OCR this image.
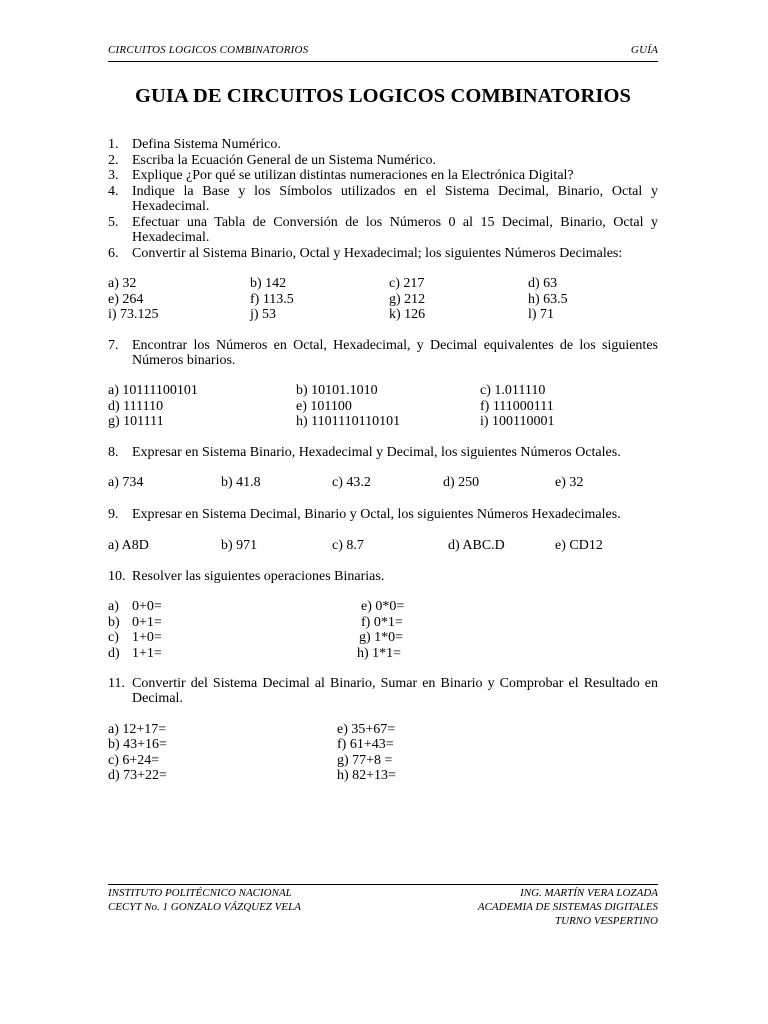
CIRCUITOS LOGICOS COMBINATORIOS	GUÍA
GUIA DE CIRCUITOS LOGICOS COMBINATORIOS
1. Defina Sistema Numérico.
2. Escriba la Ecuación General de un Sistema Numérico.
3. Explique ¿Por qué se utilizan distintas numeraciones en la Electrónica Digital?
4. Indique la Base y los Símbolos utilizados en el Sistema Decimal, Binario, Octal y Hexadecimal.
5. Efectuar una Tabla de Conversión de los Números 0 al 15 Decimal, Binario, Octal y Hexadecimal.
6. Convertir al Sistema Binario, Octal y Hexadecimal; los siguientes Números Decimales:
a) 32	b) 142	c) 217	d) 63
e) 264	f) 113.5	g) 212	h) 63.5
i) 73.125	j) 53	k) 126	l) 71
7. Encontrar los Números en Octal, Hexadecimal, y Decimal equivalentes de los siguientes Números binarios.
a) 10111100101	b) 10101.1010	c) 1.011110
d) 111110	e) 101100	f) 111000111
g) 101111	h) 1101110110101	i) 100110001
8. Expresar en Sistema Binario, Hexadecimal y Decimal, los siguientes Números Octales.
a) 734	b) 41.8	c) 43.2	d) 250	e) 32
9. Expresar en Sistema Decimal, Binario y Octal, los siguientes Números Hexadecimales.
a) A8D	b) 971	c) 8.7	d) ABC.D	e) CD12
10. Resolver las siguientes operaciones Binarias.
a) 0+0=	e) 0*0=
b) 0+1=	f) 0*1=
c) 1+0=	g) 1*0=
d) 1+1=	h) 1*1=
11. Convertir del Sistema Decimal al Binario, Sumar en Binario y Comprobar el Resultado en Decimal.
a) 12+17=	e) 35+67=
b) 43+16=	f) 61+43=
c) 6+24=	g) 77+8 =
d) 73+22=	h) 82+13=
INSTITUTO POLITÉCNICO NACIONAL
CECYT No. 1 GONZALO VÁZQUEZ VELA
ING. MARTÍN VERA LOZADA
ACADEMIA DE SISTEMAS DIGITALES
TURNO VESPERTINO
